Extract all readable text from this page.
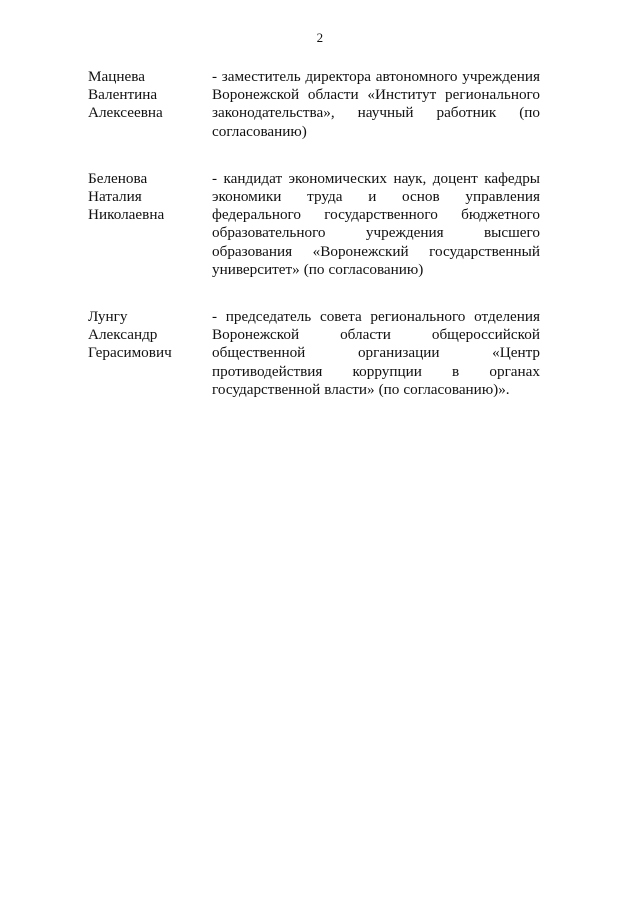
2
Мацнева
Валентина
Алексеевна
- заместитель директора автономного учреждения Воронежской области «Институт регионального законодательства», научный работник (по согласованию)
Беленова
Наталия
Николаевна
- кандидат экономических наук, доцент кафедры экономики труда и основ управления федерального государственного бюджетного образовательного учреждения высшего образования «Воронежский государственный университет» (по согласованию)
Лунгу
Александр
Герасимович
- председатель совета регионального отделения Воронежской области общероссийской общественной организации «Центр противодействия коррупции в органах государственной власти» (по согласованию)».
